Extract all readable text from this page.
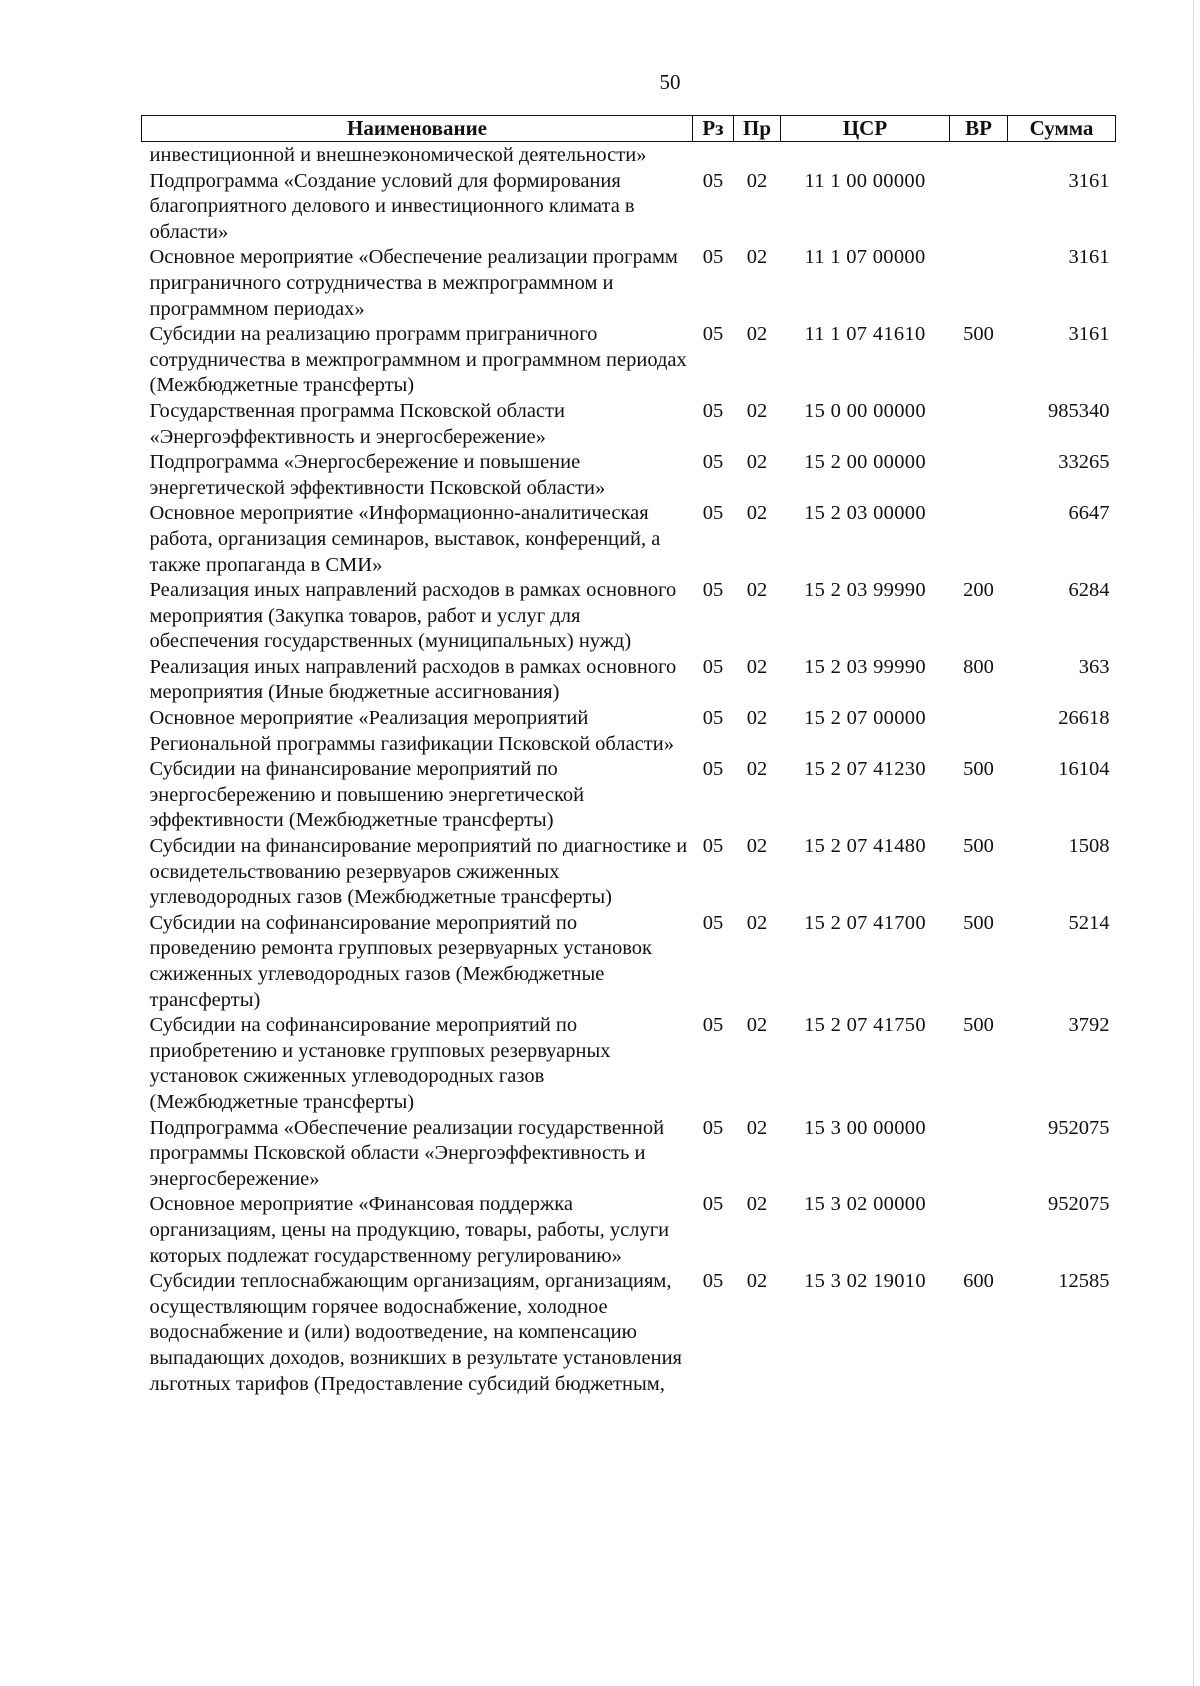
50
Наименование	Рз	Пр	ЦСР	ВР	Сумма
инвестиционной и внешнеэкономической деятельности»					
Подпрограмма «Создание условий для формирования благоприятного делового и инвестиционного климата в области»	05	02	11 1 00 00000		3161
Основное мероприятие «Обеспечение реализации программ приграничного сотрудничества в межпрограммном и программном периодах»	05	02	11 1 07 00000		3161
Субсидии на реализацию программ приграничного сотрудничества в межпрограммном и программном периодах (Межбюджетные трансферты)	05	02	11 1 07 41610	500	3161
Государственная программа Псковской области «Энергоэффективность и энергосбережение»	05	02	15 0 00 00000		985340
Подпрограмма «Энергосбережение и повышение энергетической эффективности Псковской области»	05	02	15 2 00 00000		33265
Основное мероприятие «Информационно-аналитическая работа, организация семинаров, выставок, конференций, а также пропаганда в СМИ»	05	02	15 2 03 00000		6647
Реализация иных направлений расходов в рамках основного мероприятия (Закупка товаров, работ и услуг для обеспечения государственных (муниципальных) нужд)	05	02	15 2 03 99990	200	6284
Реализация иных направлений расходов в рамках основного мероприятия (Иные бюджетные ассигнования)	05	02	15 2 03 99990	800	363
Основное мероприятие «Реализация мероприятий Региональной программы газификации Псковской области»	05	02	15 2 07 00000		26618
Субсидии на финансирование мероприятий по энергосбережению и повышению энергетической эффективности (Межбюджетные трансферты)	05	02	15 2 07 41230	500	16104
Субсидии на финансирование мероприятий по диагностике и освидетельствованию резервуаров сжиженных углеводородных газов (Межбюджетные трансферты)	05	02	15 2 07 41480	500	1508
Субсидии на софинансирование мероприятий по проведению ремонта групповых резервуарных установок сжиженных углеводородных газов (Межбюджетные трансферты)	05	02	15 2 07 41700	500	5214
Субсидии на софинансирование мероприятий по приобретению и установке групповых резервуарных установок сжиженных углеводородных газов (Межбюджетные трансферты)	05	02	15 2 07 41750	500	3792
Подпрограмма «Обеспечение реализации государственной программы Псковской области «Энергоэффективность и энергосбережение»	05	02	15 3 00 00000		952075
Основное мероприятие «Финансовая поддержка организациям, цены на продукцию, товары, работы, услуги которых подлежат государственному регулированию»	05	02	15 3 02 00000		952075
Субсидии теплоснабжающим организациям, организациям, осуществляющим горячее водоснабжение, холодное водоснабжение и (или) водоотведение, на компенсацию выпадающих доходов, возникших в результате установления льготных тарифов (Предоставление субсидий бюджетным,	05	02	15 3 02 19010	600	12585
